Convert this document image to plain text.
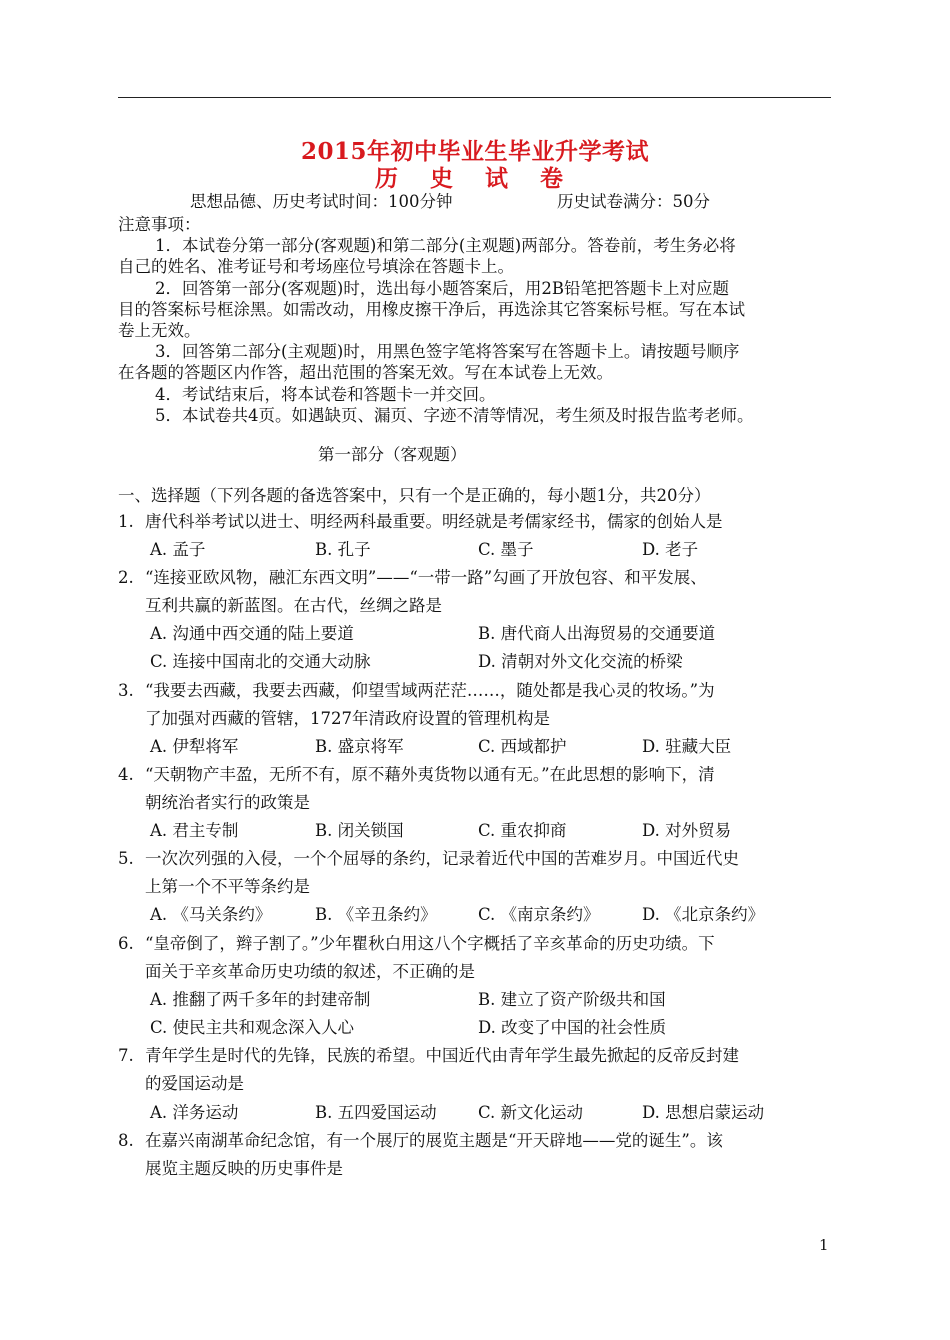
2015年初中毕业生毕业升学考试
历 史 试 卷
思想品德、历史考试时间：100分钟	历史试卷满分：50分
注意事项：
1．本试卷分第一部分(客观题)和第二部分(主观题)两部分。答卷前，考生务必将
自己的姓名、准考证号和考场座位号填涂在答题卡上。
2．回答第一部分(客观题)时，选出每小题答案后，用2B铅笔把答题卡上对应题
目的答案标号框涂黑。如需改动，用橡皮擦干净后，再选涂其它答案标号框。写在本试
卷上无效。
3．回答第二部分(主观题)时，用黑色签字笔将答案写在答题卡上。请按题号顺序
在各题的答题区内作答，超出范围的答案无效。写在本试卷上无效。
4．考试结束后，将本试卷和答题卡一并交回。
5．本试卷共4页。如遇缺页、漏页、字迹不清等情况，考生须及时报告监考老师。
第一部分（客观题）
一、选择题（下列各题的备选答案中，只有一个是正确的，每小题1分，共20分）
1. 唐代科举考试以进士、明经两科最重要。明经就是考儒家经书，儒家的创始人是
A. 孟子	B. 孔子	C. 墨子	D. 老子
2. “连接亚欧风物，融汇东西文明”——“一带一路”勾画了开放包容、和平发展、
互利共赢的新蓝图。在古代，丝绸之路是
A. 沟通中西交通的陆上要道	B. 唐代商人出海贸易的交通要道
C. 连接中国南北的交通大动脉	D. 清朝对外文化交流的桥梁
3. “我要去西藏，我要去西藏，仰望雪域两茫茫……，随处都是我心灵的牧场。”为
了加强对西藏的管辖，1727年清政府设置的管理机构是
A. 伊犁将军	B. 盛京将军	C. 西域都护	D. 驻藏大臣
4. “天朝物产丰盈，无所不有，原不藉外夷货物以通有无。”在此思想的影响下，清
朝统治者实行的政策是
A. 君主专制	B. 闭关锁国	C. 重农抑商	D. 对外贸易
5. 一次次列强的入侵，一个个屈辱的条约，记录着近代中国的苦难岁月。中国近代史
上第一个不平等条约是
A. 《马关条约》	B. 《辛丑条约》	C. 《南京条约》	D. 《北京条约》
6. “皇帝倒了，辫子割了。”少年瞿秋白用这八个字概括了辛亥革命的历史功绩。下
面关于辛亥革命历史功绩的叙述，不正确的是
A. 推翻了两千多年的封建帝制	B. 建立了资产阶级共和国
C. 使民主共和观念深入人心	D. 改变了中国的社会性质
7. 青年学生是时代的先锋，民族的希望。中国近代由青年学生最先掀起的反帝反封建
的爱国运动是
A. 洋务运动	B. 五四爱国运动	C. 新文化运动	D. 思想启蒙运动
8. 在嘉兴南湖革命纪念馆，有一个展厅的展览主题是“开天辟地——党的诞生”。该
展览主题反映的历史事件是
1
